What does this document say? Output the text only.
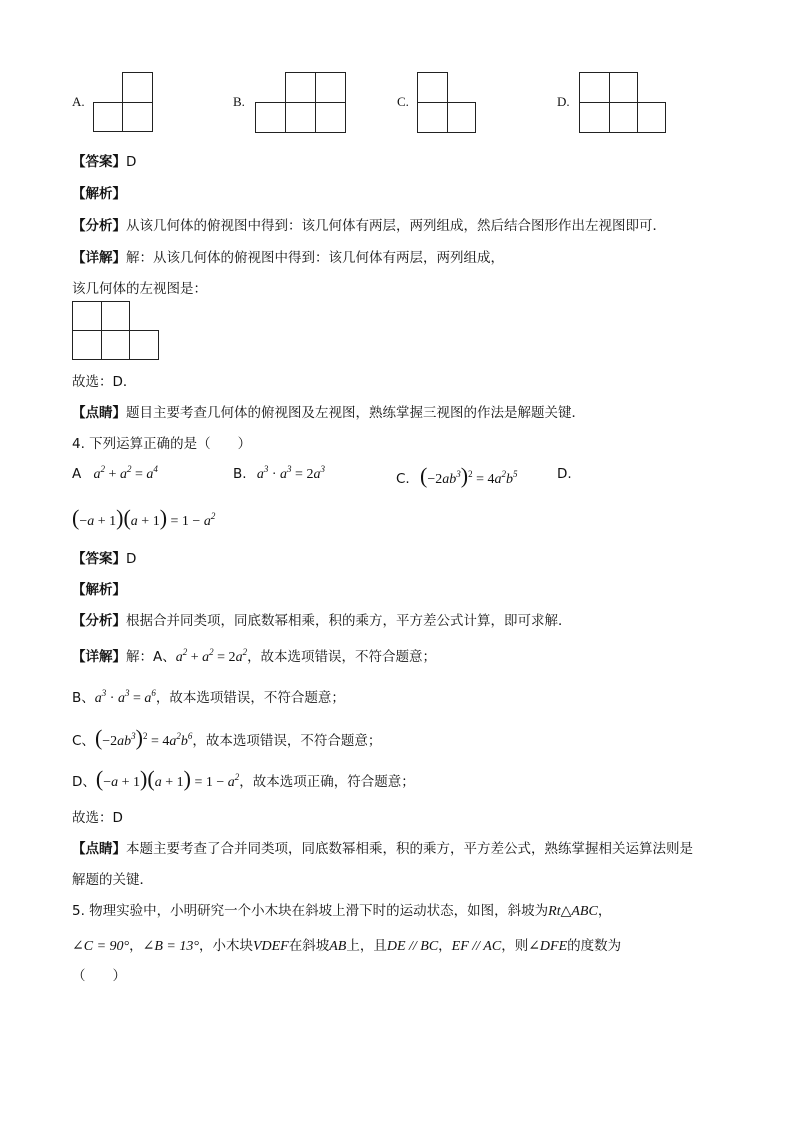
A.	B.	C.	D.
【答案】D
【解析】
【分析】从该几何体的俯视图中得到：该几何体有两层，两列组成，然后结合图形作出左视图即可．
【详解】解：从该几何体的俯视图中得到：该几何体有两层，两列组成，
该几何体的左视图是：
故选：D．
【点睛】题目主要考查几何体的俯视图及左视图，熟练掌握三视图的作法是解题关键．
4. 下列运算正确的是（　　）
A $a^2 + a^2 = a^4$	B. $a^3 \cdot a^3 = 2a^3$
C. $(-2ab^3)^2 = 4a^2b^5$	D.
$(-a + 1)(a + 1) = 1 - a^2$
【答案】D
【解析】
【分析】根据合并同类项，同底数幂相乘，积的乘方，平方差公式计算，即可求解．
【详解】解：A、$a^2 + a^2 = 2a^2$，故本选项错误，不符合题意；
B、$a^3 \cdot a^3 = a^6$，故本选项错误，不符合题意；
C、$(-2ab^3)^2 = 4a^2b^6$，故本选项错误，不符合题意；
D、$(-a + 1)(a + 1) = 1 - a^2$，故本选项正确，符合题意；
故选：D
【点睛】本题主要考查了合并同类项，同底数幂相乘，积的乘方，平方差公式，熟练掌握相关运算法则是
解题的关键．
5. 物理实验中，小明研究一个小木块在斜坡上滑下时的运动状态，如图，斜坡为Rt△ABC，
∠C = 90°，∠B = 13°，小木块VDEF在斜坡AB上，且DE // BC，EF // AC，则∠DFE的度数为
（　　）
